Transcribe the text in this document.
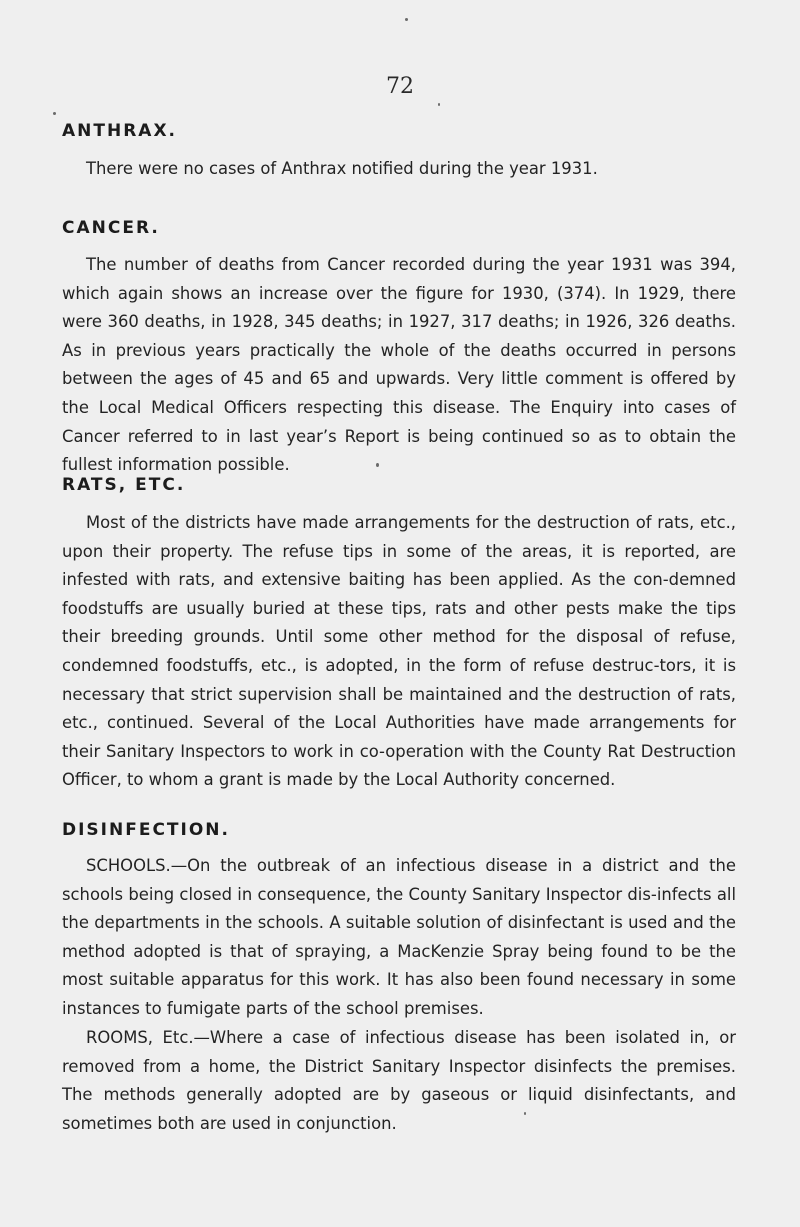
72
ANTHRAX.

There were no cases of Anthrax notified during the year 1931.

CANCER.

The number of deaths from Cancer recorded during the year 1931 was 394, which again shows an increase over the figure for 1930, (374). In 1929, there were 360 deaths, in 1928, 345 deaths; in 1927, 317 deaths; in 1926, 326 deaths. As in previous years practically the whole of the deaths occurred in persons between the ages of 45 and 65 and upwards. Very little comment is offered by the Local Medical Officers respecting this disease. The Enquiry into cases of Cancer referred to in last year’s Report is being continued so as to obtain the fullest information possible.

RATS, ETC.

Most of the districts have made arrangements for the destruction of rats, etc., upon their property. The refuse tips in some of the areas, it is reported, are infested with rats, and extensive baiting has been applied. As the con-demned foodstuffs are usually buried at these tips, rats and other pests make the tips their breeding grounds. Until some other method for the disposal of refuse, condemned foodstuffs, etc., is adopted, in the form of refuse destruc-tors, it is necessary that strict supervision shall be maintained and the destruction of rats, etc., continued. Several of the Local Authorities have made arrangements for their Sanitary Inspectors to work in co-operation with the County Rat Destruction Officer, to whom a grant is made by the Local Authority concerned.

DISINFECTION.

SCHOOLS.—On the outbreak of an infectious disease in a district and the schools being closed in consequence, the County Sanitary Inspector dis-infects all the departments in the schools. A suitable solution of disinfectant is used and the method adopted is that of spraying, a MacKenzie Spray being found to be the most suitable apparatus for this work. It has also been found necessary in some instances to fumigate parts of the school premises.

ROOMS, Etc.—Where a case of infectious disease has been isolated in, or removed from a home, the District Sanitary Inspector disinfects the premises. The methods generally adopted are by gaseous or liquid disinfectants, and sometimes both are used in conjunction.
